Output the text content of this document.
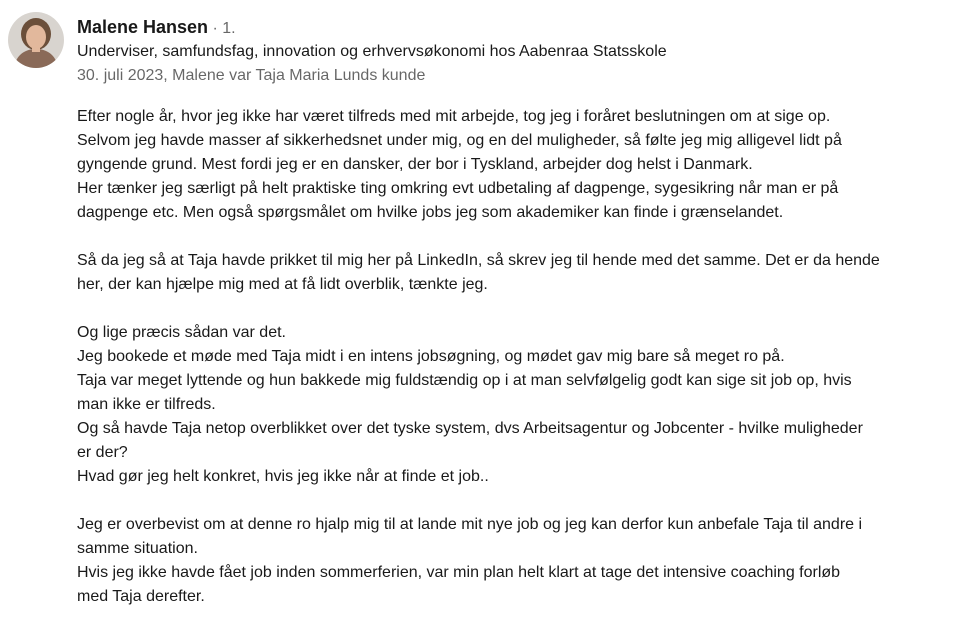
Malene Hansen · 1.
Underviser, samfundsfag, innovation og erhvervsøkonomi hos Aabenraa Statsskole
30. juli 2023, Malene var Taja Maria Lunds kunde
Efter nogle år, hvor jeg ikke har været tilfreds med mit arbejde, tog jeg i foråret beslutningen om at sige op.
Selvom jeg havde masser af sikkerhedsnet under mig, og en del muligheder, så følte jeg mig alligevel lidt på
gyngende grund. Mest fordi jeg er en dansker, der bor i Tyskland, arbejder dog helst i Danmark.
Her tænker jeg særligt på helt praktiske ting omkring evt udbetaling af dagpenge, sygesikring når man er på
dagpenge etc. Men også spørgsmålet om hvilke jobs jeg som akademiker kan finde i grænselandet.
Så da jeg så at Taja havde prikket til mig her på LinkedIn, så skrev jeg til hende med det samme. Det er da hende
her, der kan hjælpe mig med at få lidt overblik, tænkte jeg.
Og lige præcis sådan var det.
Jeg bookede et møde med Taja midt i en intens jobsøgning, og mødet gav mig bare så meget ro på.
Taja var meget lyttende og hun bakkede mig fuldstændig op i at man selvfølgelig godt kan sige sit job op, hvis
man ikke er tilfreds.
Og så havde Taja netop overblikket over det tyske system, dvs Arbeitsagentur og Jobcenter - hvilke muligheder
er der?
Hvad gør jeg helt konkret, hvis jeg ikke når at finde et job..
Jeg er overbevist om at denne ro hjalp mig til at lande mit nye job og jeg kan derfor kun anbefale Taja til andre i
samme situation.
Hvis jeg ikke havde fået job inden sommerferien, var min plan helt klart at tage det intensive coaching forløb
med Taja derefter.
